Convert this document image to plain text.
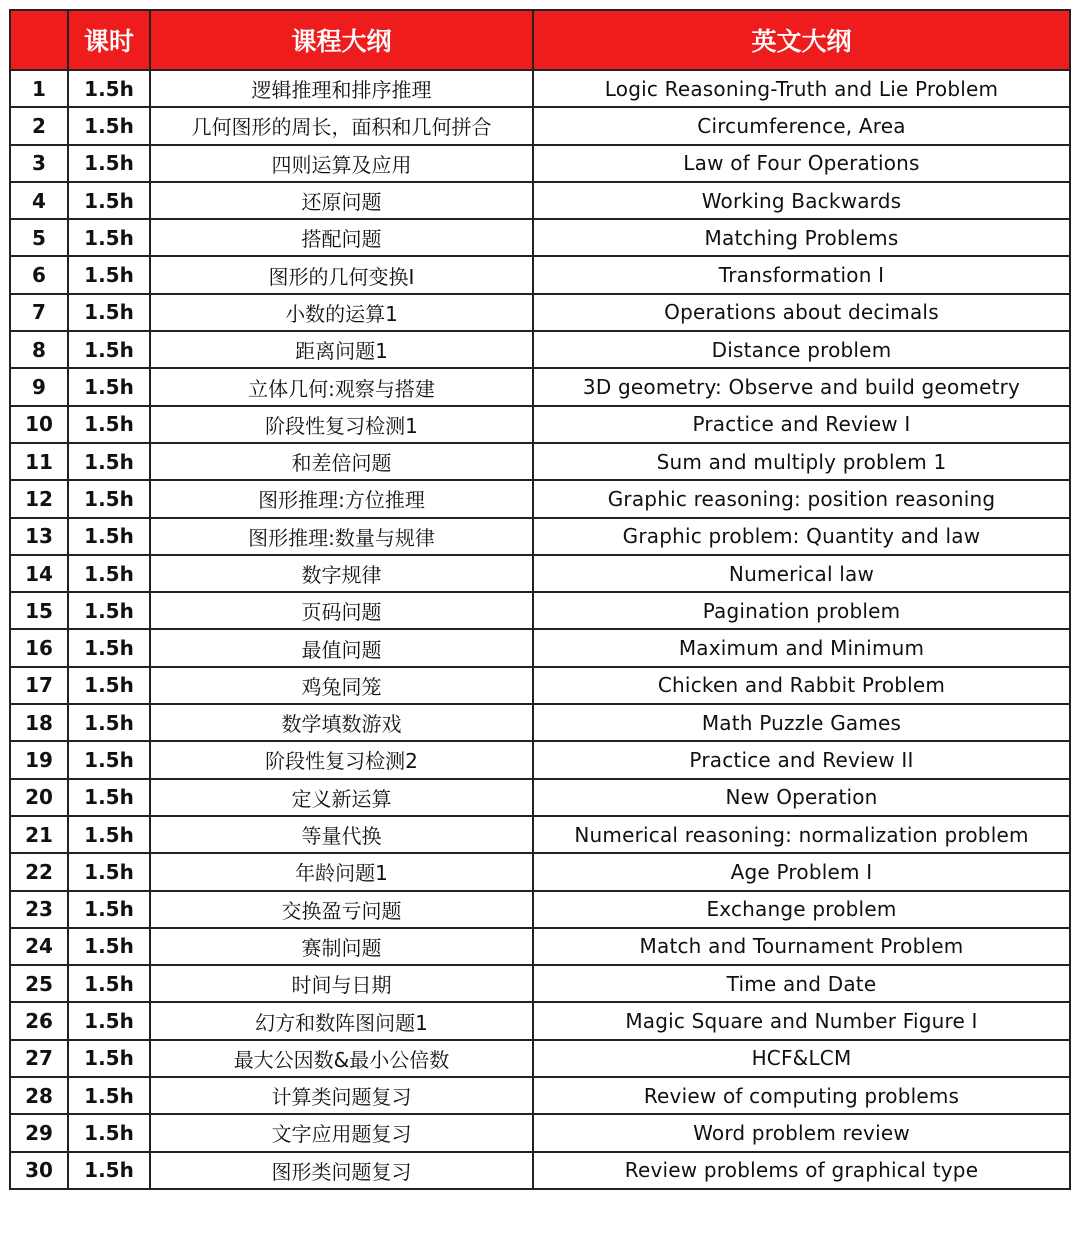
	课时	课程大纲	英文大纲
1	1.5h	逻辑推理和排序推理	Logic Reasoning-Truth and Lie Problem
2	1.5h	几何图形的周长，面积和几何拼合	Circumference, Area
3	1.5h	四则运算及应用	Law of Four Operations
4	1.5h	还原问题	Working Backwards
5	1.5h	搭配问题	Matching Problems
6	1.5h	图形的几何变换I	Transformation I
7	1.5h	小数的运算1	Operations about decimals
8	1.5h	距离问题1	Distance problem
9	1.5h	立体几何:观察与搭建	3D geometry: Observe and build geometry
10	1.5h	阶段性复习检测1	Practice and Review I
11	1.5h	和差倍问题	Sum and multiply problem 1
12	1.5h	图形推理:方位推理	Graphic reasoning: position reasoning
13	1.5h	图形推理:数量与规律	Graphic problem: Quantity and law
14	1.5h	数字规律	Numerical law
15	1.5h	页码问题	Pagination problem
16	1.5h	最值问题	Maximum and Minimum
17	1.5h	鸡兔同笼	Chicken and Rabbit Problem
18	1.5h	数学填数游戏	Math Puzzle Games
19	1.5h	阶段性复习检测2	Practice and Review II
20	1.5h	定义新运算	New Operation
21	1.5h	等量代换	Numerical reasoning: normalization problem
22	1.5h	年龄问题1	Age Problem I
23	1.5h	交换盈亏问题	Exchange problem
24	1.5h	赛制问题	Match and Tournament Problem
25	1.5h	时间与日期	Time and Date
26	1.5h	幻方和数阵图问题1	Magic Square and Number Figure I
27	1.5h	最大公因数&最小公倍数	HCF&LCM
28	1.5h	计算类问题复习	Review of computing problems
29	1.5h	文字应用题复习	Word problem review
30	1.5h	图形类问题复习	Review problems of graphical type
